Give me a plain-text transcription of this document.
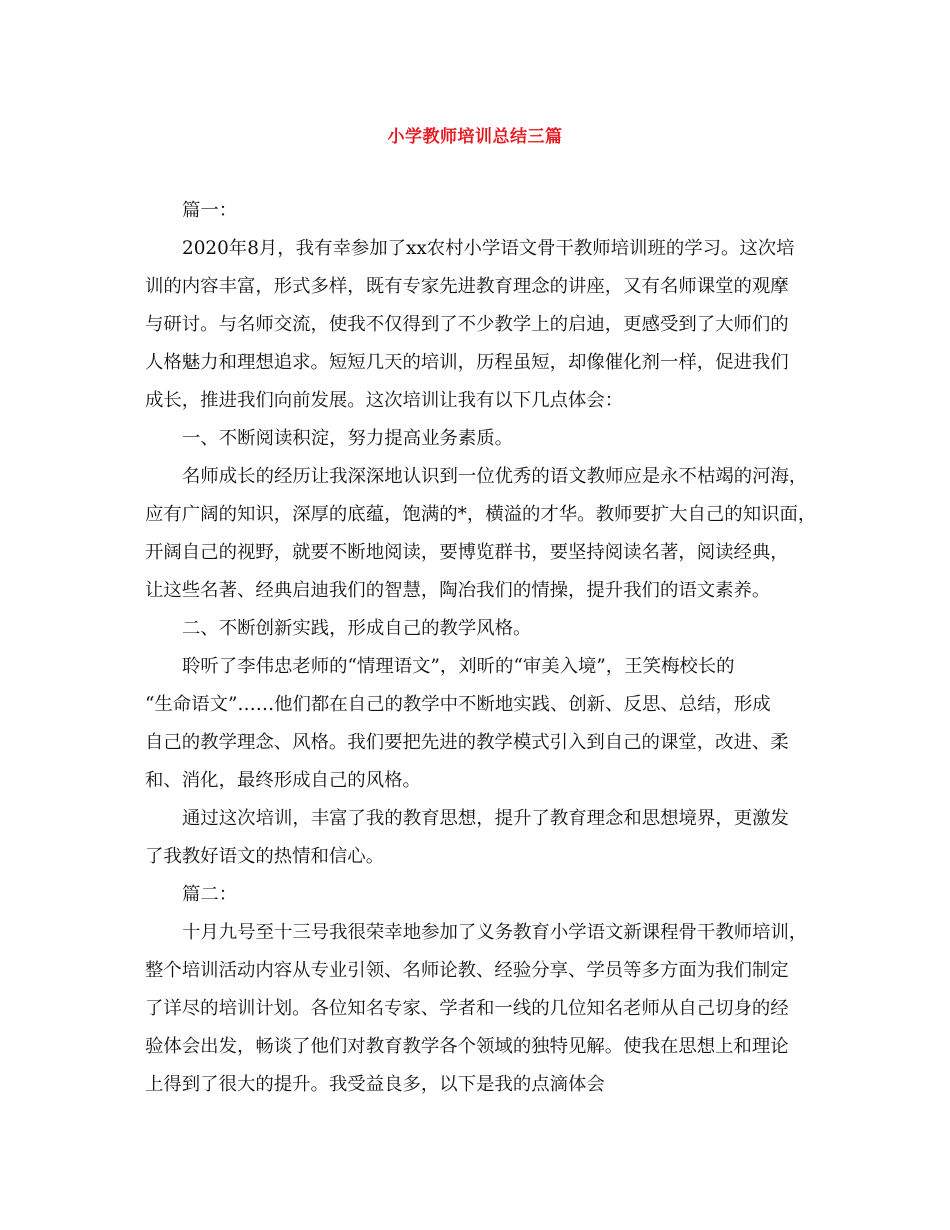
小学教师培训总结三篇

篇一：

2020年8月，我有幸参加了xx农村小学语文骨干教师培训班的学习。这次培

训的内容丰富，形式多样，既有专家先进教育理念的讲座，又有名师课堂的观摩

与研讨。与名师交流，使我不仅得到了不少教学上的启迪，更感受到了大师们的

人格魅力和理想追求。短短几天的培训，历程虽短，却像催化剂一样，促进我们

成长，推进我们向前发展。这次培训让我有以下几点体会：

一、不断阅读积淀，努力提高业务素质。

名师成长的经历让我深深地认识到一位优秀的语文教师应是永不枯竭的河海，

应有广阔的知识，深厚的底蕴，饱满的*，横溢的才华。教师要扩大自己的知识面，

开阔自己的视野，就要不断地阅读，要博览群书，要坚持阅读名著，阅读经典，

让这些名著、经典启迪我们的智慧，陶冶我们的情操，提升我们的语文素养。

二、不断创新实践，形成自己的教学风格。

聆听了李伟忠老师的“情理语文”，刘昕的“审美入境”，王笑梅校长的

“生命语文”……他们都在自己的教学中不断地实践、创新、反思、总结，形成

自己的教学理念、风格。我们要把先进的教学模式引入到自己的课堂，改进、柔

和、消化，最终形成自己的风格。

通过这次培训，丰富了我的教育思想，提升了教育理念和思想境界，更激发

了我教好语文的热情和信心。

篇二：

十月九号至十三号我很荣幸地参加了义务教育小学语文新课程骨干教师培训，

整个培训活动内容从专业引领、名师论教、经验分享、学员等多方面为我们制定

了详尽的培训计划。各位知名专家、学者和一线的几位知名老师从自己切身的经

验体会出发，畅谈了他们对教育教学各个领域的独特见解。使我在思想上和理论

上得到了很大的提升。我受益良多，以下是我的点滴体会
